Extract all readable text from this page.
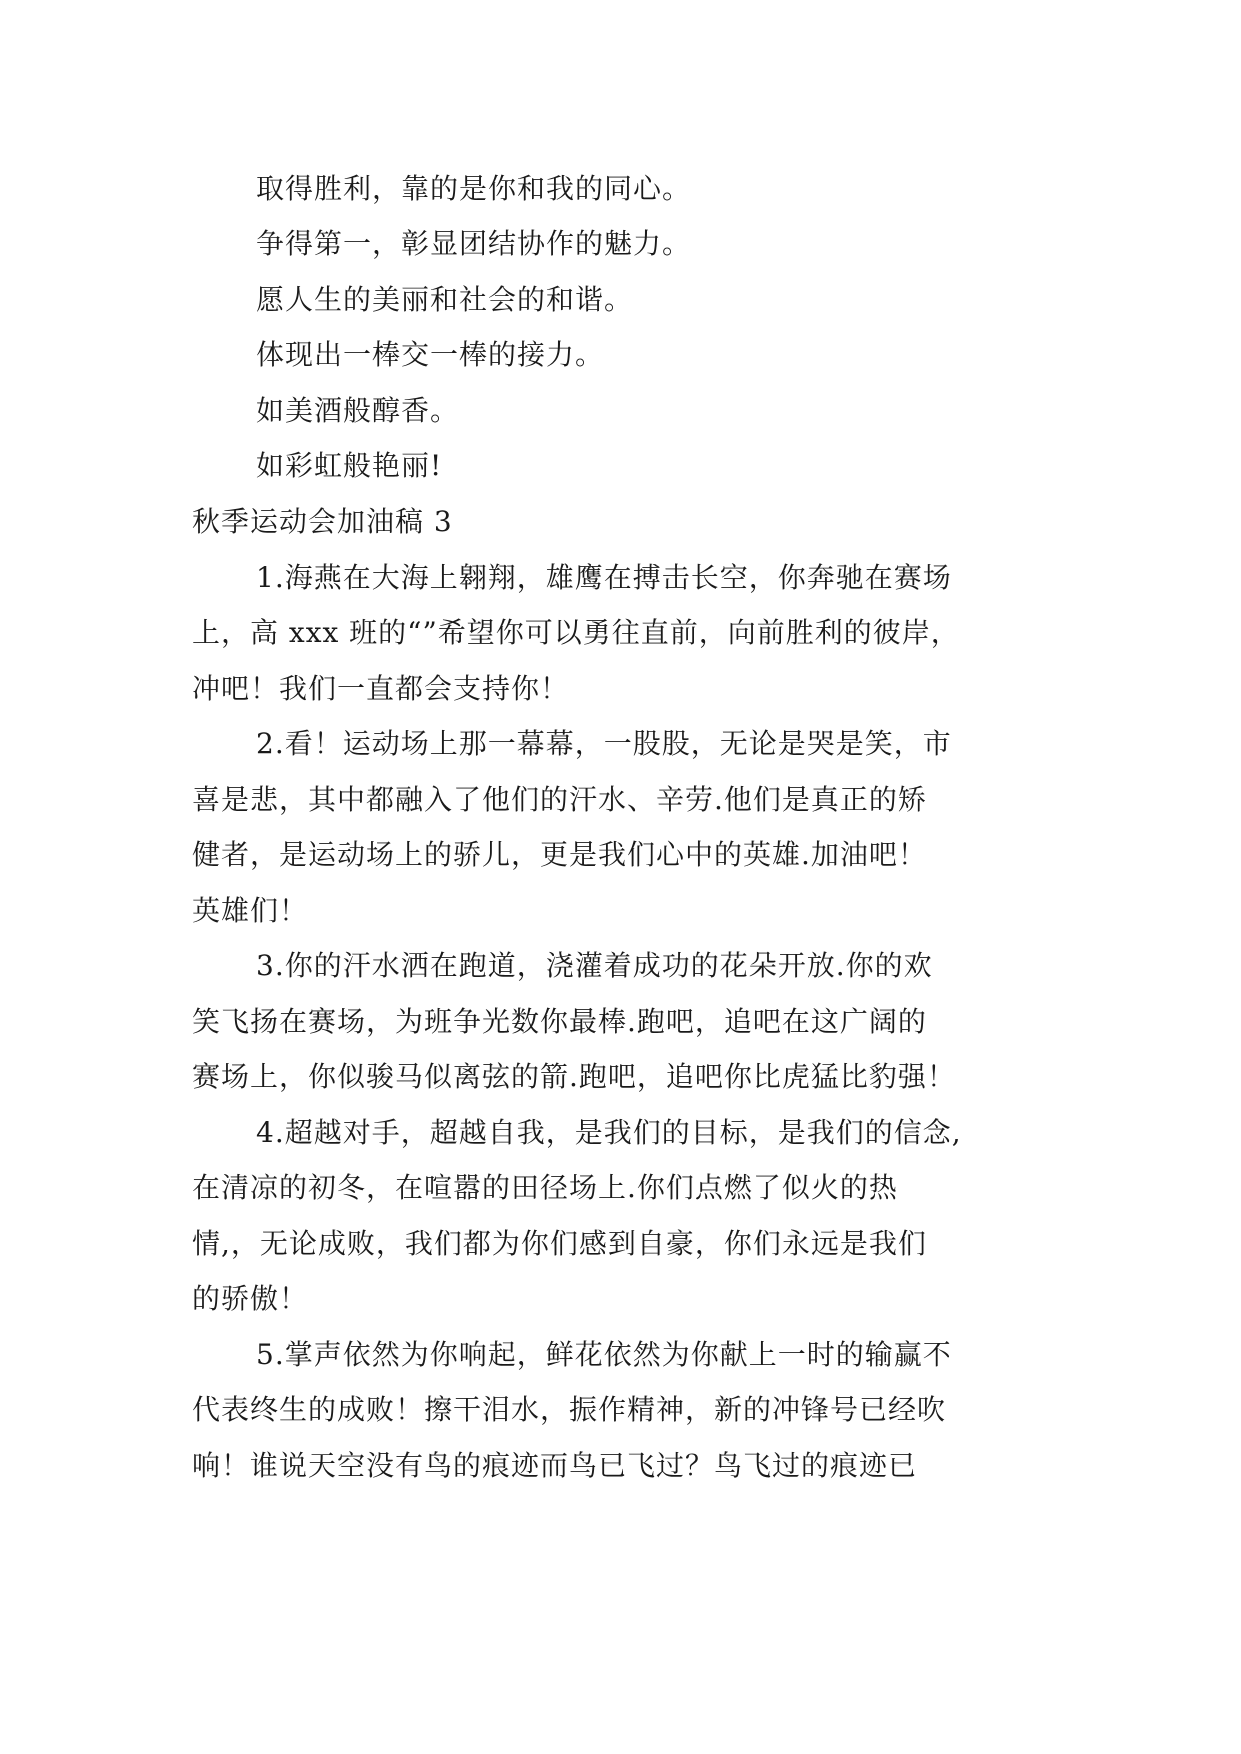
取得胜利，靠的是你和我的同心。
争得第一，彰显团结协作的魅力。
愿人生的美丽和社会的和谐。
体现出一棒交一棒的接力。
如美酒般醇香。
如彩虹般艳丽!
秋季运动会加油稿 3
1.海燕在大海上翱翔，雄鹰在搏击长空，你奔驰在赛场
上，高 xxx 班的“”希望你可以勇往直前，向前胜利的彼岸，
冲吧！我们一直都会支持你！
2.看！运动场上那一幕幕，一股股，无论是哭是笑，市
喜是悲，其中都融入了他们的汗水、辛劳.他们是真正的矫
健者，是运动场上的骄儿，更是我们心中的英雄.加油吧！
英雄们！
3.你的汗水洒在跑道，浇灌着成功的花朵开放.你的欢
笑飞扬在赛场，为班争光数你最棒.跑吧，追吧在这广阔的
赛场上，你似骏马似离弦的箭.跑吧，追吧你比虎猛比豹强！
4.超越对手，超越自我，是我们的目标，是我们的信念,
在清凉的初冬，在喧嚣的田径场上.你们点燃了似火的热
情,，无论成败，我们都为你们感到自豪，你们永远是我们
的骄傲！
5.掌声依然为你响起，鲜花依然为你献上一时的输赢不
代表终生的成败！擦干泪水，振作精神，新的冲锋号已经吹
响！谁说天空没有鸟的痕迹而鸟已飞过？鸟飞过的痕迹已
